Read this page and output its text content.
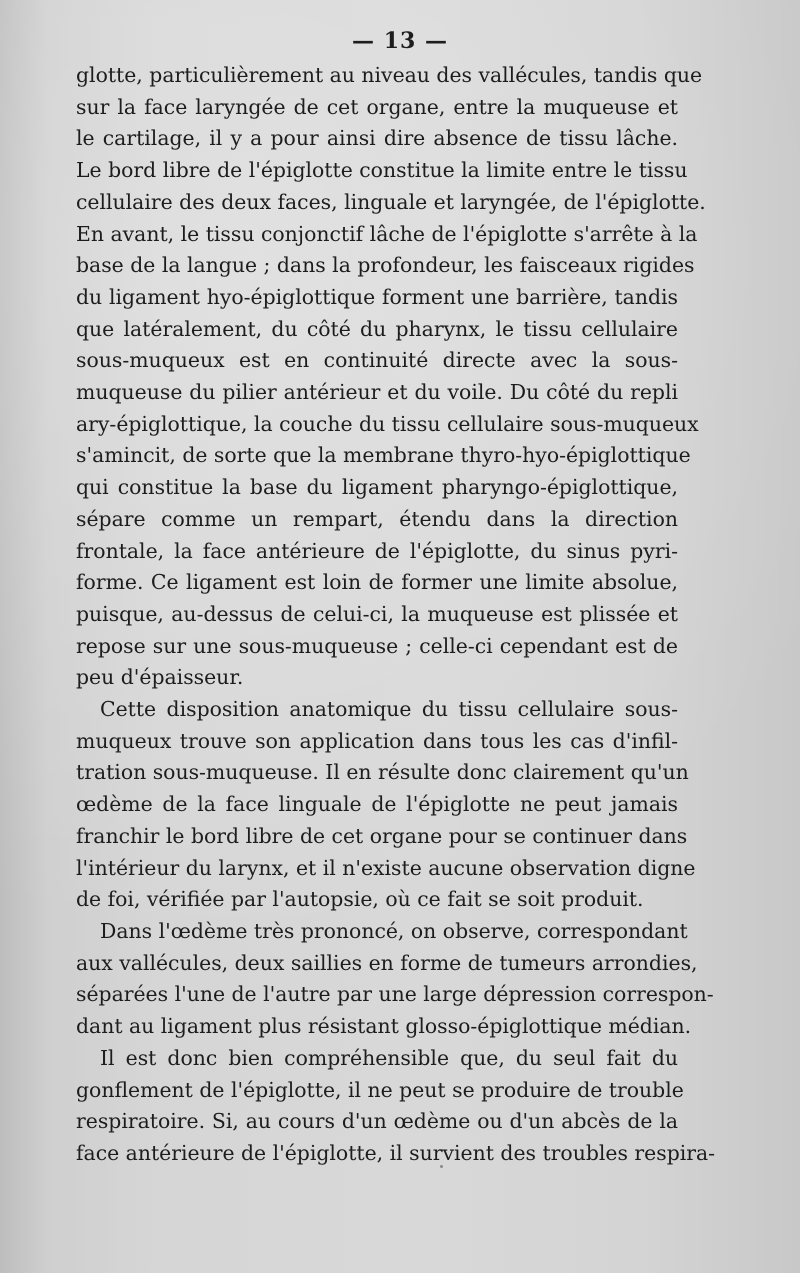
— 13 —

glotte, particulièrement au niveau des vallécules, tandis que
sur la face laryngée de cet organe, entre la muqueuse et
le cartilage, il y a pour ainsi dire absence de tissu lâche.
Le bord libre de l'épiglotte constitue la limite entre le tissu
cellulaire des deux faces, linguale et laryngée, de l'épiglotte.
En avant, le tissu conjonctif lâche de l'épiglotte s'arrête à la
base de la langue ; dans la profondeur, les faisceaux rigides
du ligament hyo-épiglottique forment une barrière, tandis
que latéralement, du côté du pharynx, le tissu cellulaire
sous-muqueux est en continuité directe avec la sous-
muqueuse du pilier antérieur et du voile. Du côté du repli
ary-épiglottique, la couche du tissu cellulaire sous-muqueux
s'amincit, de sorte que la membrane thyro-hyo-épiglottique
qui constitue la base du ligament pharyngo-épiglottique,
sépare comme un rempart, étendu dans la direction
frontale, la face antérieure de l'épiglotte, du sinus pyri-
forme. Ce ligament est loin de former une limite absolue,
puisque, au-dessus de celui-ci, la muqueuse est plissée et
repose sur une sous-muqueuse ; celle-ci cependant est de
peu d'épaisseur.

Cette disposition anatomique du tissu cellulaire sous-
muqueux trouve son application dans tous les cas d'infil-
tration sous-muqueuse. Il en résulte donc clairement qu'un
œdème de la face linguale de l'épiglotte ne peut jamais
franchir le bord libre de cet organe pour se continuer dans
l'intérieur du larynx, et il n'existe aucune observation digne
de foi, vérifiée par l'autopsie, où ce fait se soit produit.

Dans l'œdème très prononcé, on observe, correspondant
aux vallécules, deux saillies en forme de tumeurs arrondies,
séparées l'une de l'autre par une large dépression correspon-
dant au ligament plus résistant glosso-épiglottique médian.

Il est donc bien compréhensible que, du seul fait du
gonflement de l'épiglotte, il ne peut se produire de trouble
respiratoire. Si, au cours d'un œdème ou d'un abcès de la
face antérieure de l'épiglotte, il survient des troubles respira-
